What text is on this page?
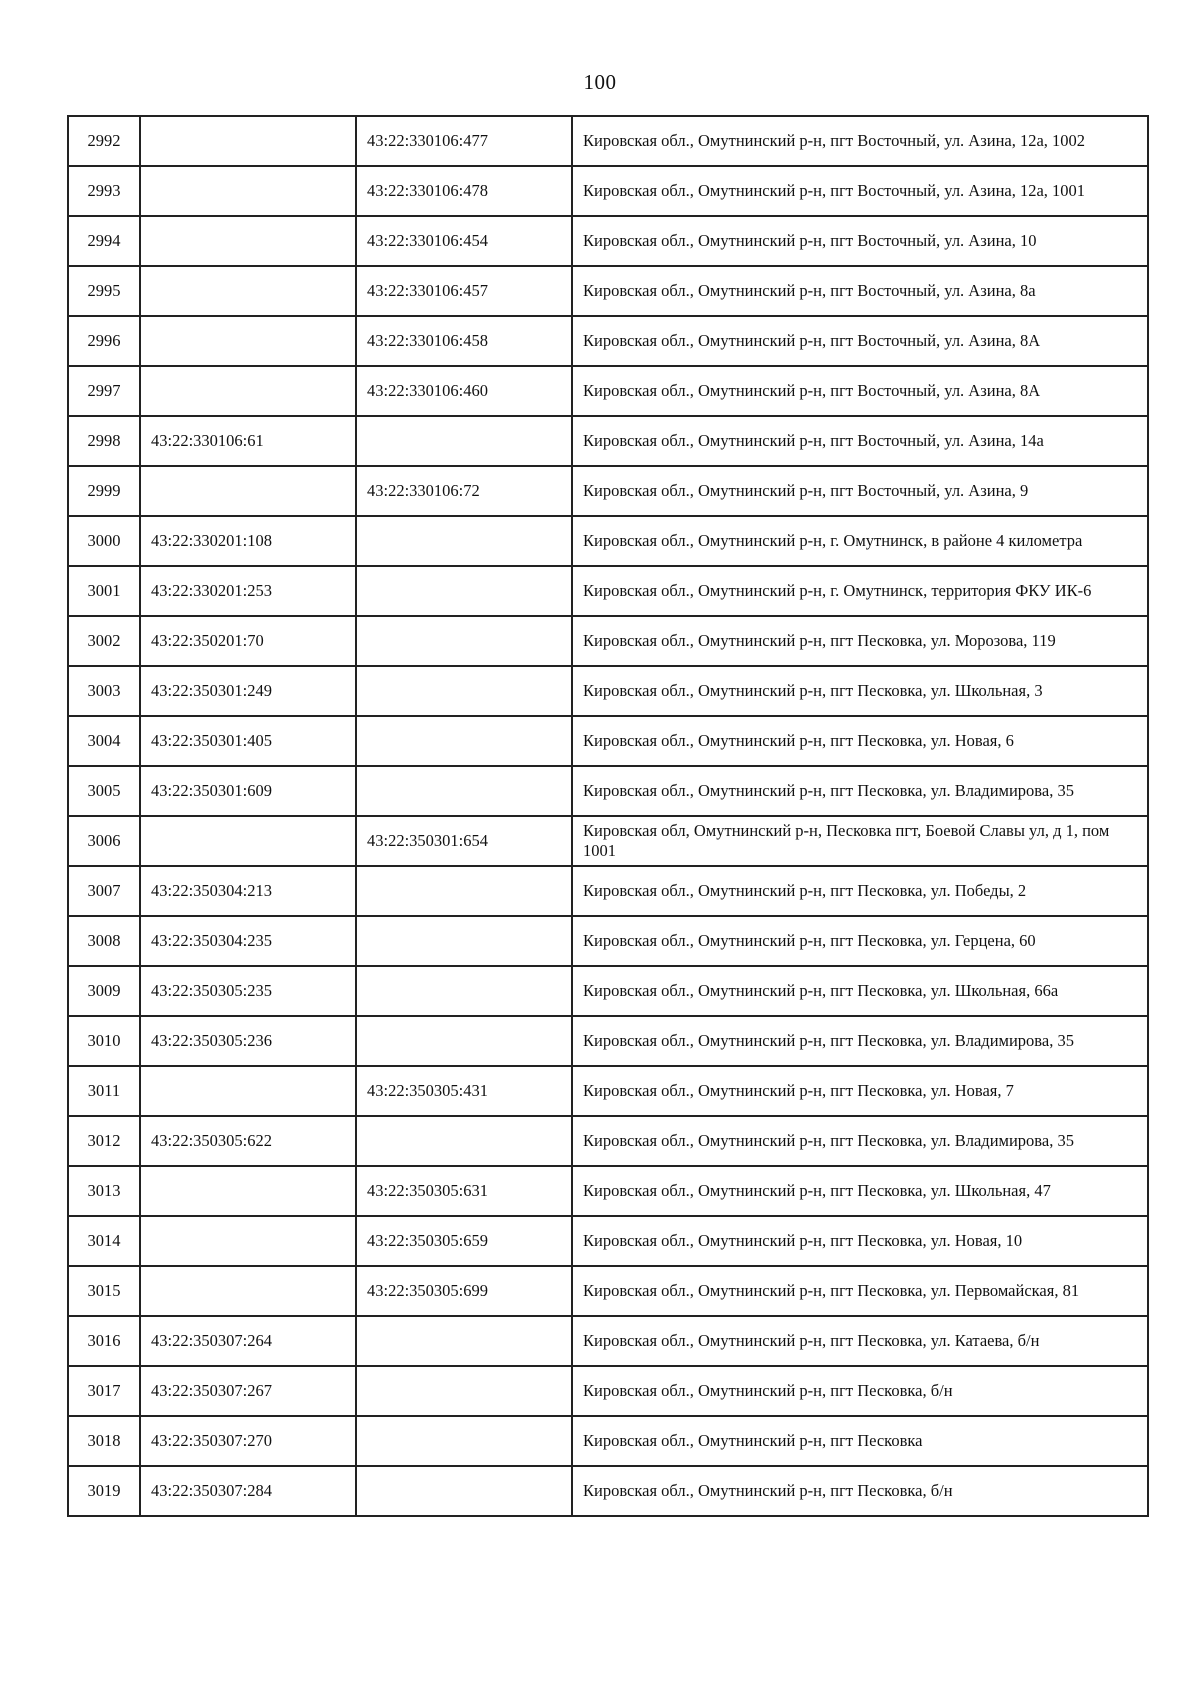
100
2992		43:22:330106:477	Кировская обл., Омутнинский р-н, пгт Восточный, ул. Азина, 12а, 1002
2993		43:22:330106:478	Кировская обл., Омутнинский р-н, пгт Восточный, ул. Азина, 12а, 1001
2994		43:22:330106:454	Кировская обл., Омутнинский р-н, пгт Восточный, ул. Азина, 10
2995		43:22:330106:457	Кировская обл., Омутнинский р-н, пгт Восточный, ул. Азина, 8а
2996		43:22:330106:458	Кировская обл., Омутнинский р-н, пгт Восточный, ул. Азина, 8А
2997		43:22:330106:460	Кировская обл., Омутнинский р-н, пгт Восточный, ул. Азина, 8А
2998	43:22:330106:61		Кировская обл., Омутнинский р-н, пгт Восточный, ул. Азина, 14а
2999		43:22:330106:72	Кировская обл., Омутнинский р-н, пгт Восточный, ул. Азина, 9
3000	43:22:330201:108		Кировская обл., Омутнинский р-н, г. Омутнинск, в районе 4 километра
3001	43:22:330201:253		Кировская обл., Омутнинский р-н, г. Омутнинск, территория ФКУ ИК-6
3002	43:22:350201:70		Кировская обл., Омутнинский р-н, пгт Песковка, ул. Морозова, 119
3003	43:22:350301:249		Кировская обл., Омутнинский р-н, пгт Песковка, ул. Школьная, 3
3004	43:22:350301:405		Кировская обл., Омутнинский р-н, пгт Песковка, ул. Новая, 6
3005	43:22:350301:609		Кировская обл., Омутнинский р-н, пгт Песковка, ул. Владимирова, 35
3006		43:22:350301:654	Кировская обл, Омутнинский р-н, Песковка пгт, Боевой Славы ул, д 1, пом 1001
3007	43:22:350304:213		Кировская обл., Омутнинский р-н, пгт Песковка, ул. Победы, 2
3008	43:22:350304:235		Кировская обл., Омутнинский р-н, пгт Песковка, ул. Герцена, 60
3009	43:22:350305:235		Кировская обл., Омутнинский р-н, пгт Песковка, ул. Школьная, 66а
3010	43:22:350305:236		Кировская обл., Омутнинский р-н, пгт Песковка, ул. Владимирова, 35
3011		43:22:350305:431	Кировская обл., Омутнинский р-н, пгт Песковка, ул. Новая, 7
3012	43:22:350305:622		Кировская обл., Омутнинский р-н, пгт Песковка, ул. Владимирова, 35
3013		43:22:350305:631	Кировская обл., Омутнинский р-н, пгт Песковка, ул. Школьная, 47
3014		43:22:350305:659	Кировская обл., Омутнинский р-н, пгт Песковка, ул. Новая, 10
3015		43:22:350305:699	Кировская обл., Омутнинский р-н, пгт Песковка, ул. Первомайская, 81
3016	43:22:350307:264		Кировская обл., Омутнинский р-н, пгт Песковка, ул. Катаева, б/н
3017	43:22:350307:267		Кировская обл., Омутнинский р-н, пгт Песковка, б/н
3018	43:22:350307:270		Кировская обл., Омутнинский р-н, пгт Песковка
3019	43:22:350307:284		Кировская обл., Омутнинский р-н, пгт Песковка, б/н
